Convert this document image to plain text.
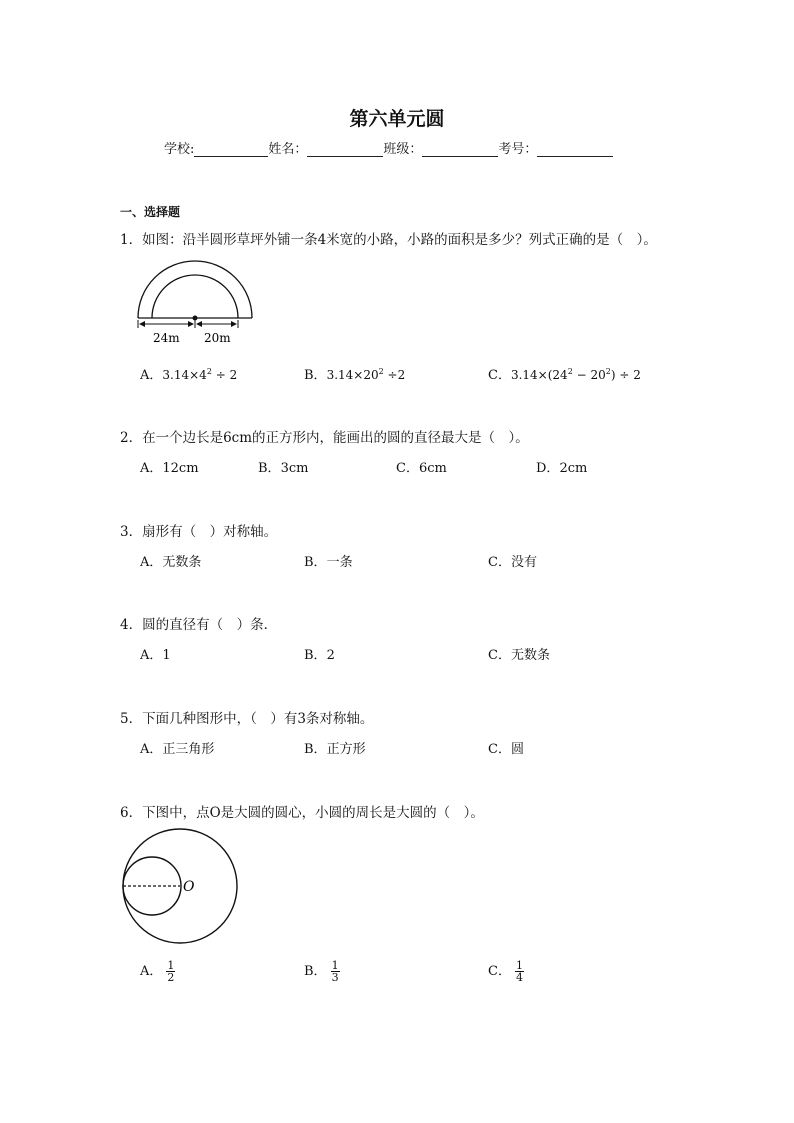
第六单元圆
学校:	姓名：	班级：	考号：
一、选择题
1．如图：沿半圆形草坪外铺一条4米宽的小路，小路的面积是多少？列式正确的是（　）。
24m 20m
A．$3.14\times 4^2 \div 2$	B．$3.14\times 20^2 \div 2$	C．$3.14\times(24^2 - 20^2) \div 2$
2．在一个边长是6cm的正方形内，能画出的圆的直径最大是（　）。
A．12cm	B．3cm	C．6cm	D．2cm
3．扇形有（　）对称轴。
A．无数条	B．一条	C．没有
4．圆的直径有（　）条．
A．1	B．2	C．无数条
5．下面几种图形中，（　）有3条对称轴。
A．正三角形	B．正方形	C．圆
6．下图中，点O是大圆的圆心，小圆的周长是大圆的（　）。
O
A． $\frac{1}{2}$	B． $\frac{1}{3}$	C． $\frac{1}{4}$
